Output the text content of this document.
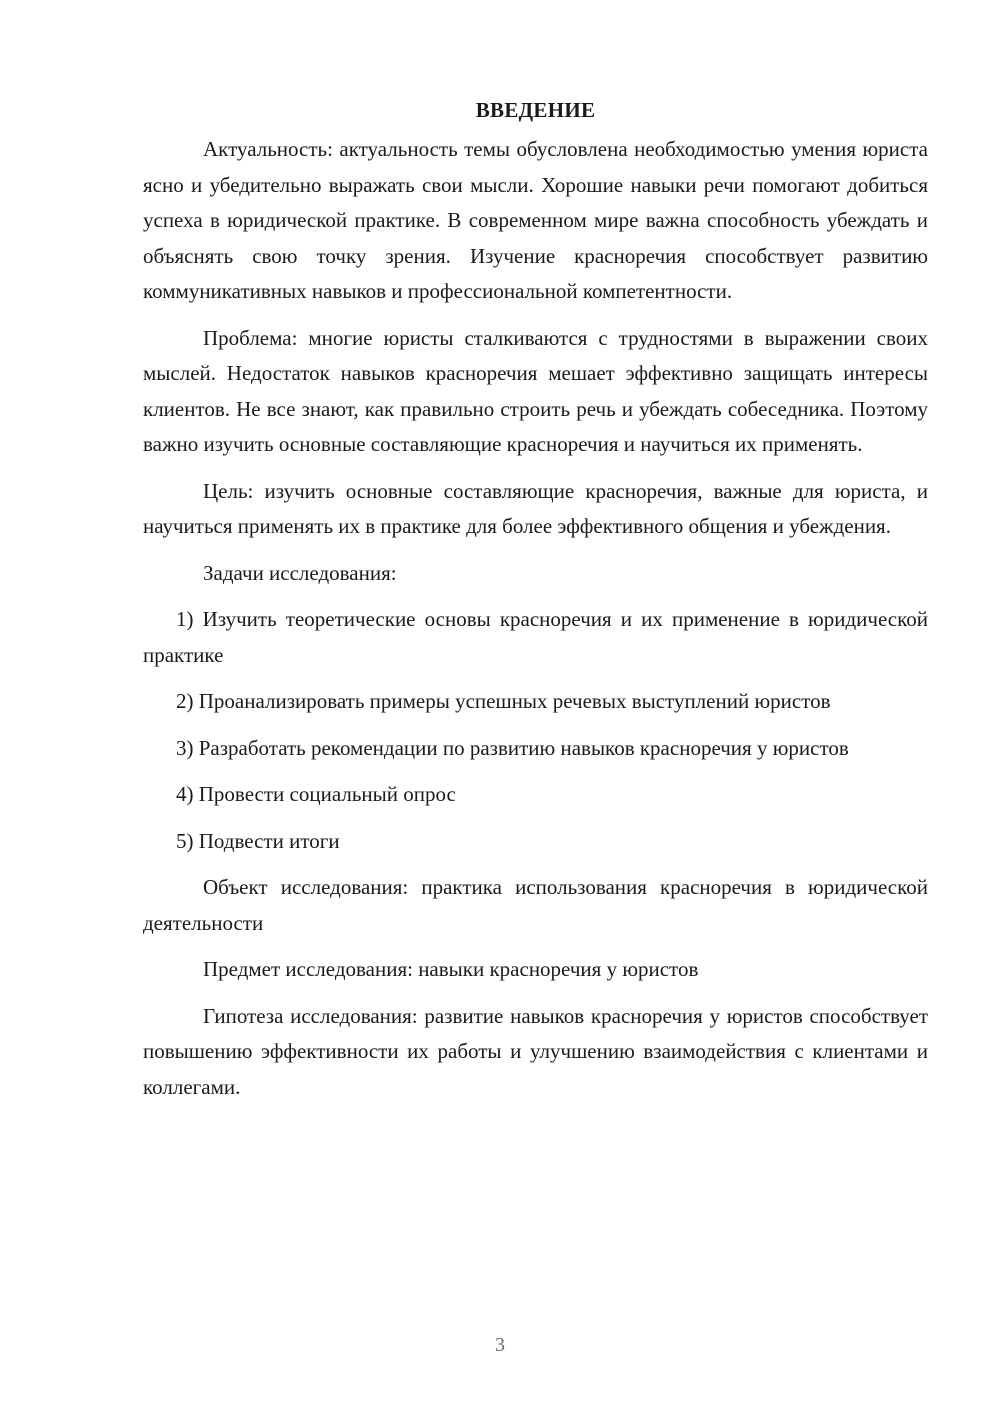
ВВЕДЕНИЕ

Актуальность: актуальность темы обусловлена необходимостью умения юриста ясно и убедительно выражать свои мысли. Хорошие навыки речи помогают добиться успеха в юридической практике. В современном мире важна способность убеждать и объяснять свою точку зрения. Изучение красноречия способствует развитию коммуникативных навыков и профессиональной компетентности.

Проблема: многие юристы сталкиваются с трудностями в выражении своих мыслей. Недостаток навыков красноречия мешает эффективно защищать интересы клиентов. Не все знают, как правильно строить речь и убеждать собеседника. Поэтому важно изучить основные составляющие красноречия и научиться их применять.

Цель: изучить основные составляющие красноречия, важные для юриста, и научиться применять их в практике для более эффективного общения и убеждения.

Задачи исследования:

1) Изучить теоретические основы красноречия и их применение в юридической практике

2) Проанализировать примеры успешных речевых выступлений юристов

3) Разработать рекомендации по развитию навыков красноречия у юристов

4) Провести социальный опрос

5) Подвести итоги

Объект исследования: практика использования красноречия в юридической деятельности

Предмет исследования: навыки красноречия у юристов

Гипотеза исследования: развитие навыков красноречия у юристов способствует повышению эффективности их работы и улучшению взаимодействия с клиентами и коллегами.

3
